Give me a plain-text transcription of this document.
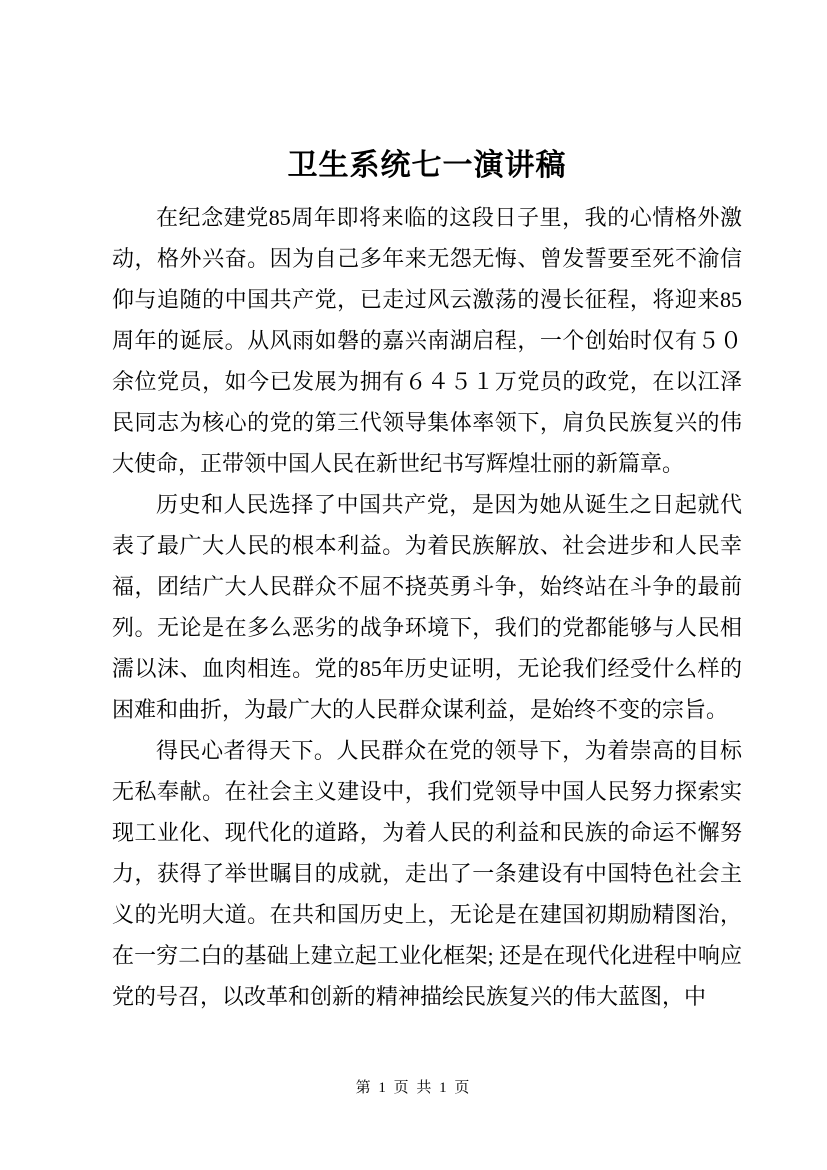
卫生系统七一演讲稿

在纪念建党85周年即将来临的这段日子里，我的心情格外激动，格外兴奋。因为自己多年来无怨无悔、曾发誓要至死不渝信仰与追随的中国共产党，已走过风云激荡的漫长征程，将迎来85周年的诞辰。从风雨如磐的嘉兴南湖启程，一个创始时仅有５０余位党员，如今已发展为拥有６４５１万党员的政党，在以江泽民同志为核心的党的第三代领导集体率领下，肩负民族复兴的伟大使命，正带领中国人民在新世纪书写辉煌壮丽的新篇章。

历史和人民选择了中国共产党，是因为她从诞生之日起就代表了最广大人民的根本利益。为着民族解放、社会进步和人民幸福，团结广大人民群众不屈不挠英勇斗争，始终站在斗争的最前列。无论是在多么恶劣的战争环境下，我们的党都能够与人民相濡以沫、血肉相连。党的85年历史证明，无论我们经受什么样的困难和曲折，为最广大的人民群众谋利益，是始终不变的宗旨。

得民心者得天下。人民群众在党的领导下，为着崇高的目标无私奉献。在社会主义建设中，我们党领导中国人民努力探索实现工业化、现代化的道路，为着人民的利益和民族的命运不懈努力，获得了举世瞩目的成就，走出了一条建设有中国特色社会主义的光明大道。在共和国历史上，无论是在建国初期励精图治，在一穷二白的基础上建立起工业化框架; 还是在现代化进程中响应党的号召，以改革和创新的精神描绘民族复兴的伟大蓝图，中

第 1 页 共 1 页
